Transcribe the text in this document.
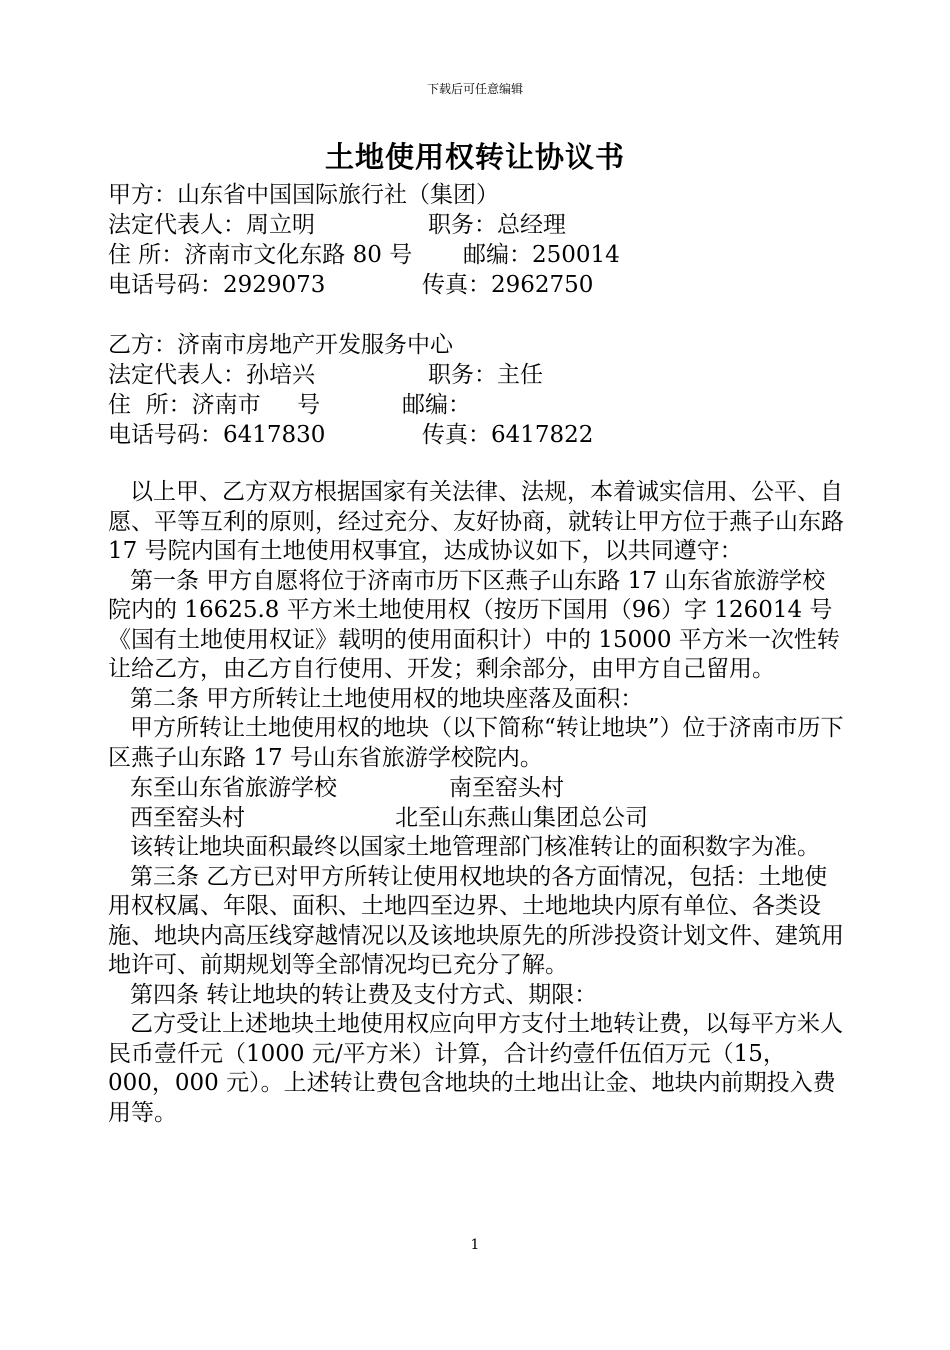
下载后可任意编辑
土地使用权转让协议书
甲方：山东省中国国际旅行社（集团）
法定代表人：周立明	职务：总经理
住 所：济南市文化东路 80 号 邮编：250014
电话号码：2929073	传真：2962750
乙方：济南市房地产开发服务中心
法定代表人：孙培兴	职务：主任
住  所：济南市     号	邮编：
电话号码：6417830	传真：6417822

以上甲、乙方双方根据国家有关法律、法规，本着诚实信用、公平、自愿、平等互利的原则，经过充分、友好协商，就转让甲方位于燕子山东路 17 号院内国有土地使用权事宜，达成协议如下，以共同遵守：

第一条 甲方自愿将位于济南市历下区燕子山东路 17 山东省旅游学校院内的 16625.8 平方米土地使用权（按历下国用（96）字 126014 号《国有土地使用权证》载明的使用面积计）中的 15000 平方米一次性转让给乙方，由乙方自行使用、开发；剩余部分，由甲方自己留用。

第二条 甲方所转让土地使用权的地块座落及面积：

甲方所转让土地使用权的地块（以下简称“转让地块”）位于济南市历下区燕子山东路 17 号山东省旅游学校院内。

东至山东省旅游学校	南至窑头村
西至窑头村	北至山东燕山集团总公司

该转让地块面积最终以国家土地管理部门核准转让的面积数字为准。

第三条 乙方已对甲方所转让使用权地块的各方面情况，包括：土地使用权权属、年限、面积、土地四至边界、土地地块内原有单位、各类设施、地块内高压线穿越情况以及该地块原先的所涉投资计划文件、建筑用地许可、前期规划等全部情况均已充分了解。

第四条 转让地块的转让费及支付方式、期限：

乙方受让上述地块土地使用权应向甲方支付土地转让费，以每平方米人民币壹仟元（1000 元/平方米）计算，合计约壹仟伍佰万元（15，000，000 元）。上述转让费包含地块的土地出让金、地块内前期投入费用等。

1
